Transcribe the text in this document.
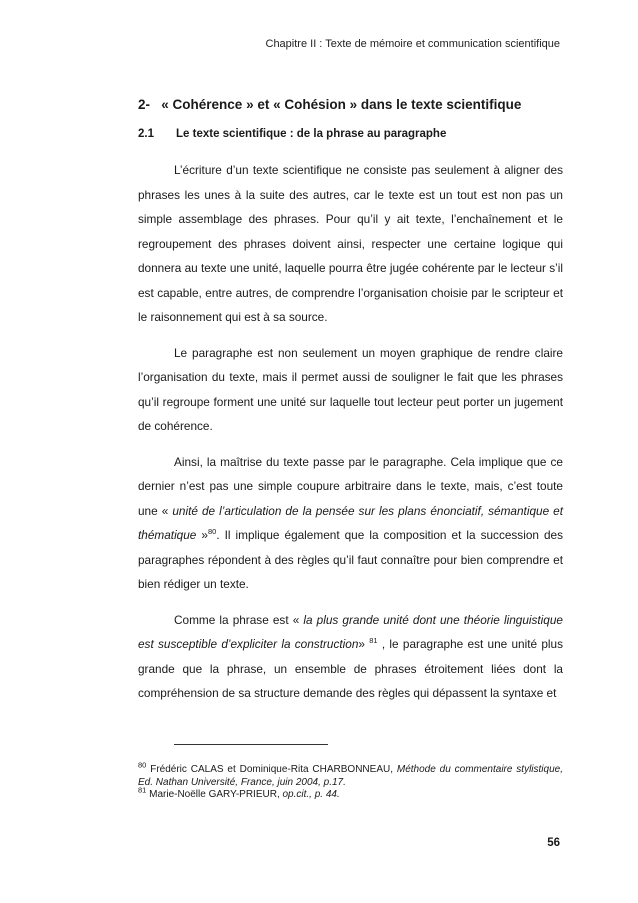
Chapitre II : Texte de mémoire et communication scientifique
2- « Cohérence » et « Cohésion » dans le texte scientifique
2.1 Le texte scientifique : de la phrase au paragraphe

L’écriture d’un texte scientifique ne consiste pas seulement à aligner des phrases les unes à la suite des autres, car le texte est un tout est non pas un simple assemblage des phrases. Pour qu’il y ait texte, l’enchaînement et le regroupement des phrases doivent ainsi, respecter une certaine logique qui donnera au texte une unité, laquelle pourra être jugée cohérente par le lecteur s’il est capable, entre autres, de comprendre l’organisation choisie par le scripteur et le raisonnement qui est à sa source.

Le paragraphe est non seulement un moyen graphique de rendre claire l’organisation du texte, mais il permet aussi de souligner le fait que les phrases qu’il regroupe forment une unité sur laquelle tout lecteur peut porter un jugement de cohérence.

Ainsi, la maîtrise du texte passe par le paragraphe. Cela implique que ce dernier n’est pas une simple coupure arbitraire dans le texte, mais, c’est toute une « unité de l’articulation de la pensée sur les plans énonciatif, sémantique et thématique »$^{80}$. Il implique également que la composition et la succession des paragraphes répondent à des règles qu’il faut connaître pour bien comprendre et bien rédiger un texte.

Comme la phrase est « la plus grande unité dont une théorie linguistique est susceptible d’expliciter la construction» $^{81}$ , le paragraphe est une unité plus grande que la phrase, un ensemble de phrases étroitement liées dont la compréhension de sa structure demande des règles qui dépassent la syntaxe et

$^{80}$ Frédéric CALAS et Dominique-Rita CHARBONNEAU, Méthode du commentaire stylistique, Ed. Nathan Université, France, juin 2004, p.17.

$^{81}$ Marie-Noëlle GARY-PRIEUR, op.cit., p. 44.

56
